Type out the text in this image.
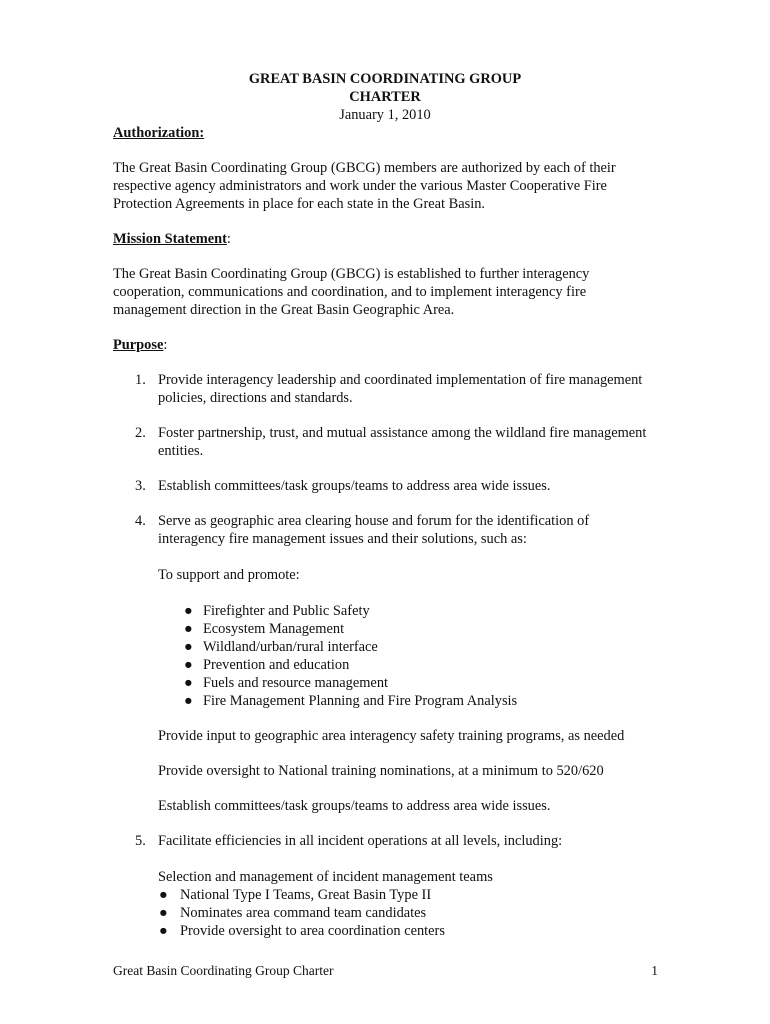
GREAT BASIN COORDINATING GROUP
CHARTER
January 1, 2010
Authorization:

The Great Basin Coordinating Group (GBCG) members are authorized by each of their respective agency administrators and work under the various Master Cooperative Fire Protection Agreements in place for each state in the Great Basin.

Mission Statement:

The Great Basin Coordinating Group (GBCG) is established to further interagency cooperation, communications and coordination, and to implement interagency fire management direction in the Great Basin Geographic Area.

Purpose:
1. Provide interagency leadership and coordinated implementation of fire management policies, directions and standards.
2. Foster partnership, trust, and mutual assistance among the wildland fire management entities.
3. Establish committees/task groups/teams to address area wide issues.
4. Serve as geographic area clearing house and forum for the identification of interagency fire management issues and their solutions, such as:
To support and promote:
● Firefighter and Public Safety
● Ecosystem Management
● Wildland/urban/rural interface
● Prevention and education
● Fuels and resource management
● Fire Management Planning and Fire Program Analysis
Provide input to geographic area interagency safety training programs, as needed
Provide oversight to National training nominations, at a minimum to 520/620
Establish committees/task groups/teams to address area wide issues.
5. Facilitate efficiencies in all incident operations at all levels, including:
Selection and management of incident management teams
● National Type I Teams, Great Basin Type II
● Nominates area command team candidates
● Provide oversight to area coordination centers
Great Basin Coordinating Group Charter	1
